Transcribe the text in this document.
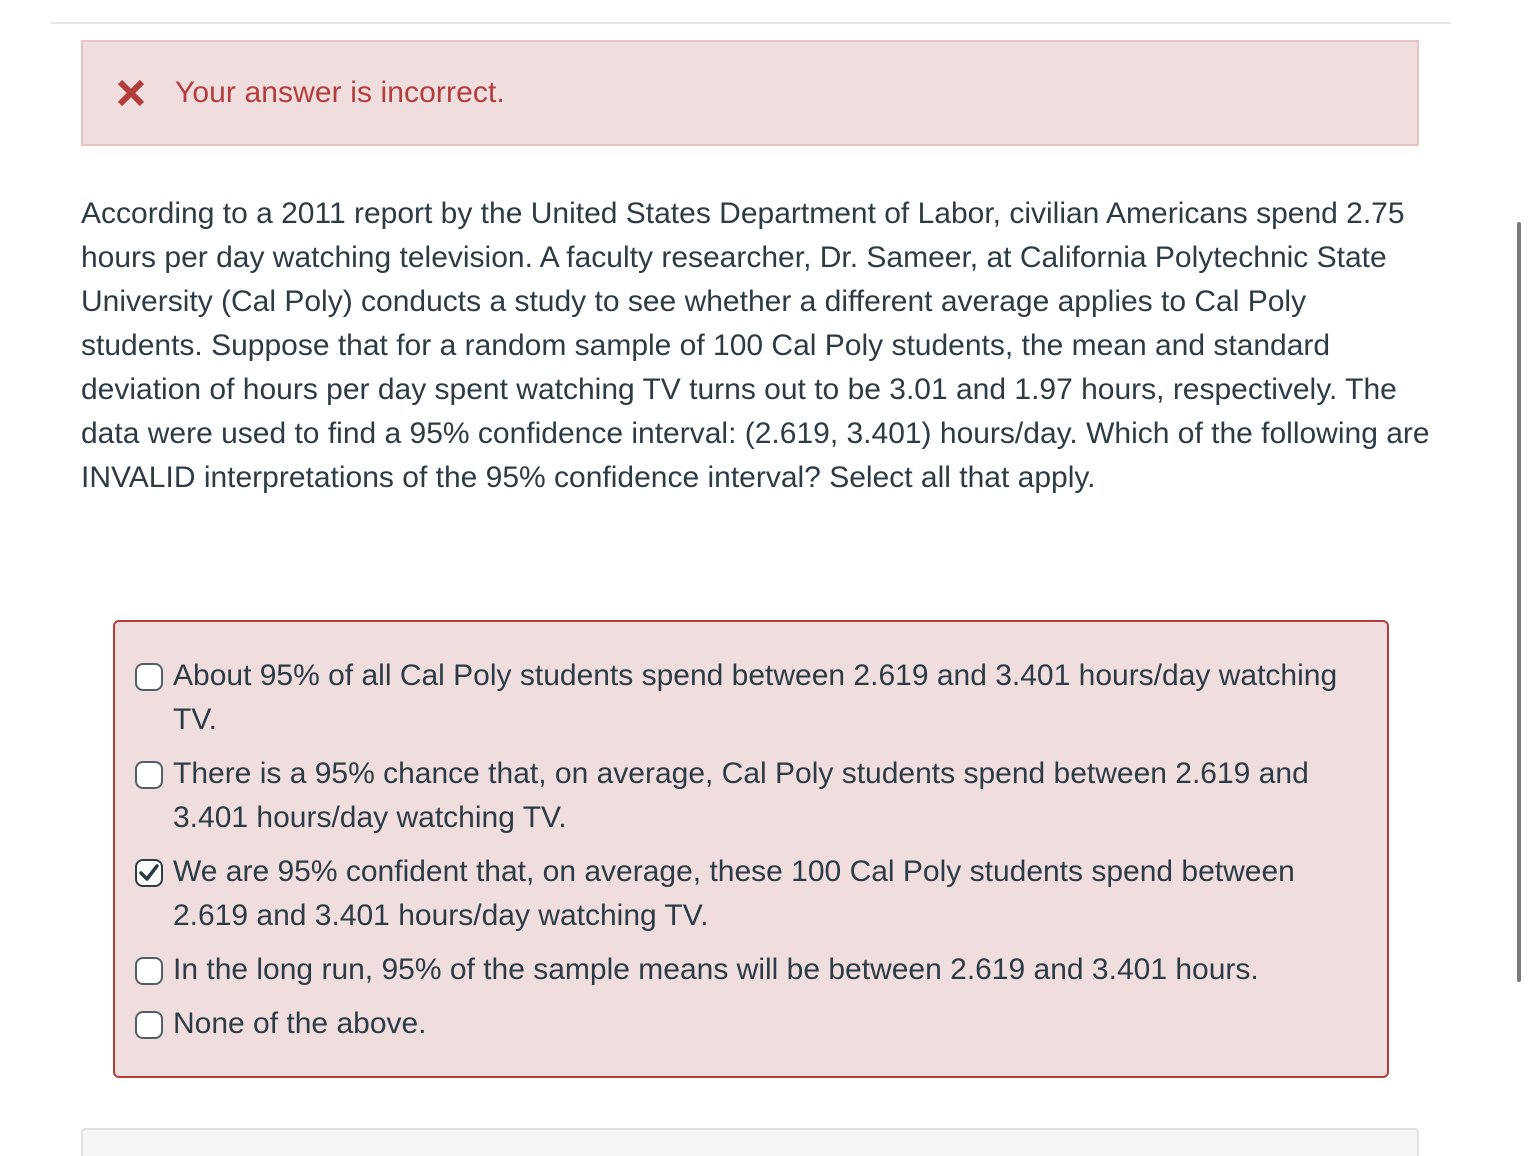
Your answer is incorrect.

According to a 2011 report by the United States Department of Labor, civilian Americans spend 2.75 hours per day watching television. A faculty researcher, Dr. Sameer, at California Polytechnic State University (Cal Poly) conducts a study to see whether a different average applies to Cal Poly students. Suppose that for a random sample of 100 Cal Poly students, the mean and standard deviation of hours per day spent watching TV turns out to be 3.01 and 1.97 hours, respectively. The data were used to find a 95% confidence interval: (2.619, 3.401) hours/day. Which of the following are INVALID interpretations of the 95% confidence interval? Select all that apply.

About 95% of all Cal Poly students spend between 2.619 and 3.401 hours/day watching TV.
There is a 95% chance that, on average, Cal Poly students spend between 2.619 and 3.401 hours/day watching TV.
We are 95% confident that, on average, these 100 Cal Poly students spend between 2.619 and 3.401 hours/day watching TV.
In the long run, 95% of the sample means will be between 2.619 and 3.401 hours.
None of the above.
